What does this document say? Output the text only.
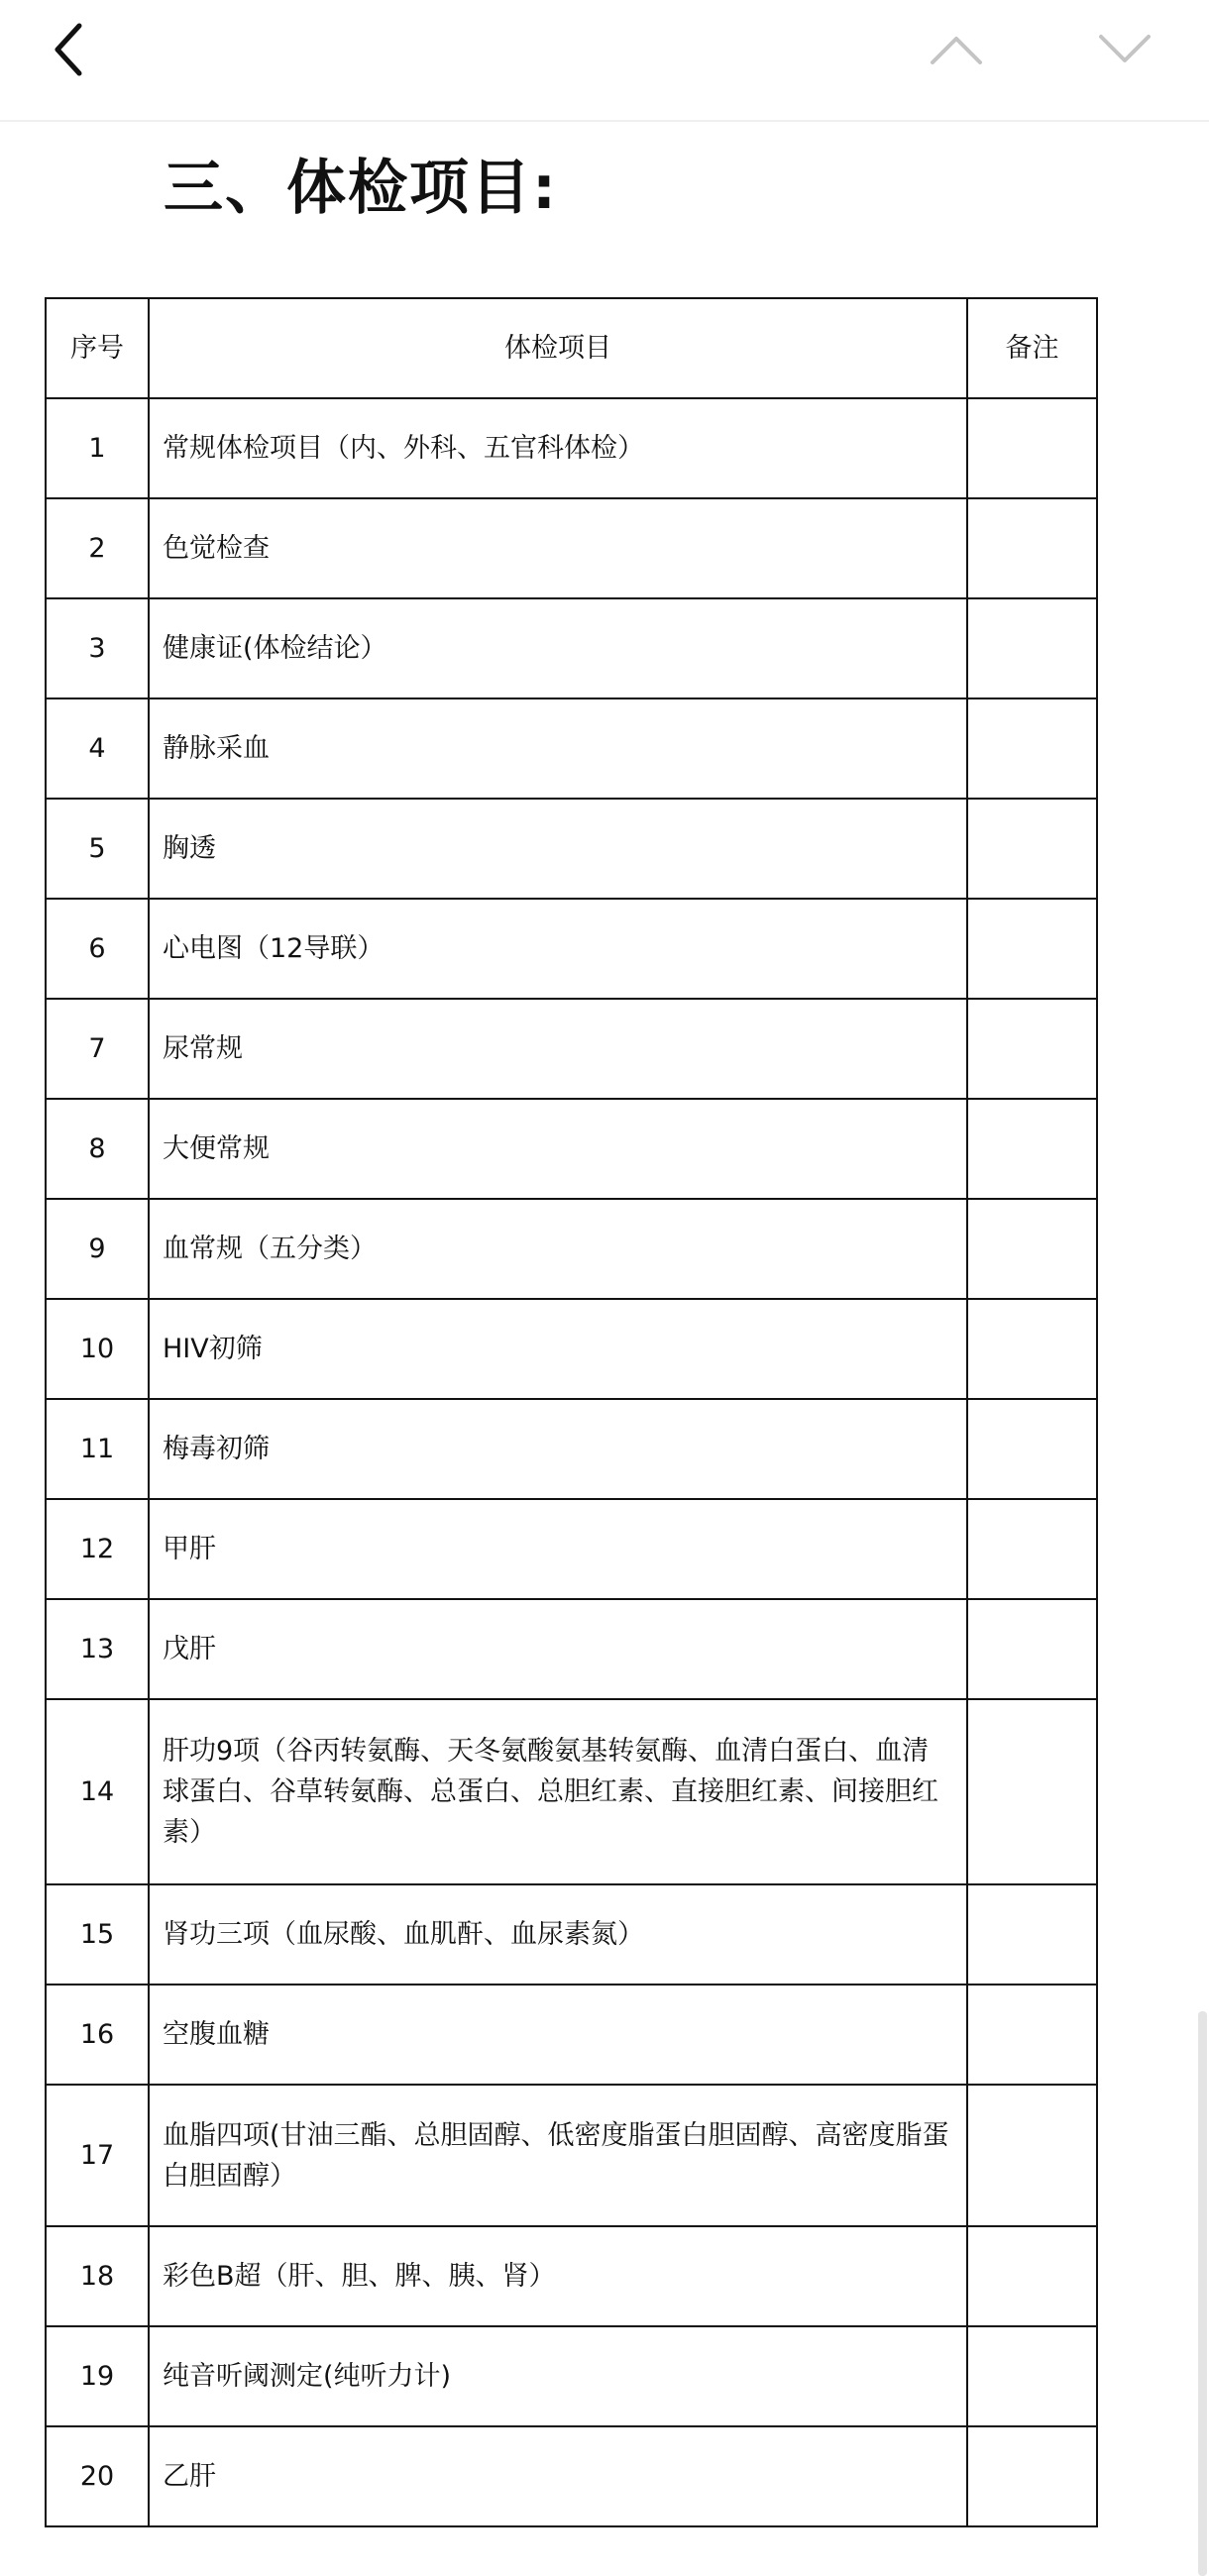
三、体检项目:
序号	体检项目	备注
1	常规体检项目（内、外科、五官科体检）	
2	色觉检查	
3	健康证(体检结论）	
4	静脉采血	
5	胸透	
6	心电图（12导联）	
7	尿常规	
8	大便常规	
9	血常规（五分类）	
10	HIV初筛	
11	梅毒初筛	
12	甲肝	
13	戊肝	
14	肝功9项（谷丙转氨酶、天冬氨酸氨基转氨酶、血清白蛋白、血清球蛋白、谷草转氨酶、总蛋白、总胆红素、直接胆红素、间接胆红素）	
15	肾功三项（血尿酸、血肌酐、血尿素氮）	
16	空腹血糖	
17	血脂四项(甘油三酯、总胆固醇、低密度脂蛋白胆固醇、高密度脂蛋白胆固醇）	
18	彩色B超（肝、胆、脾、胰、肾）	
19	纯音听阈测定(纯听力计)	
20	乙肝	
